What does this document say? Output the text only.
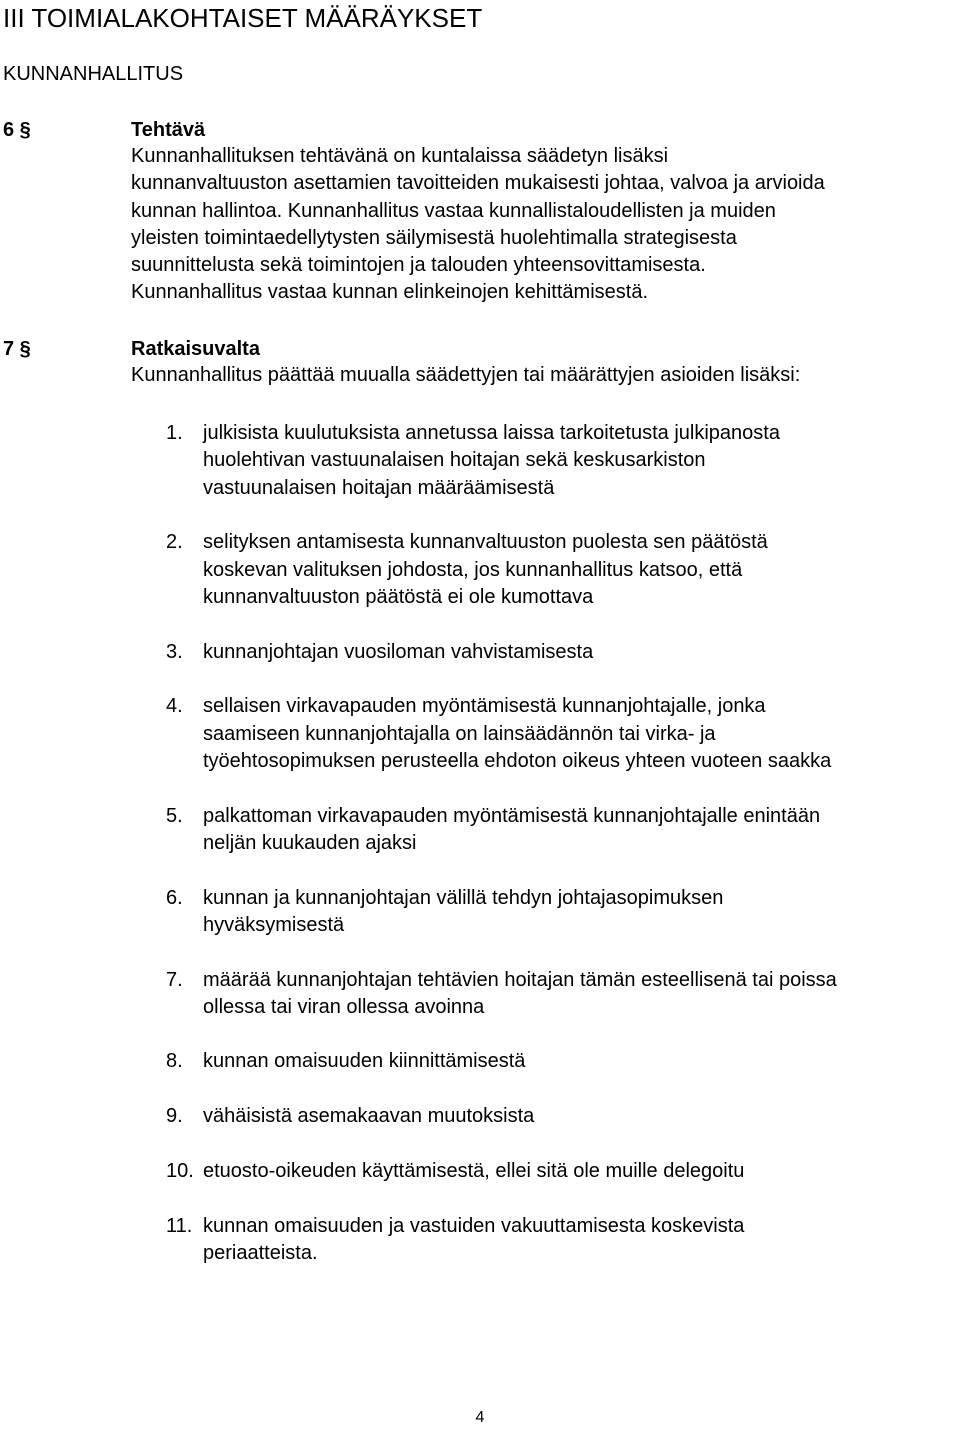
III TOIMIALAKOHTAISET MÄÄRÄYKSET
KUNNANHALLITUS
6 §	Tehtävä

Kunnanhallituksen tehtävänä on kuntalaissa säädetyn lisäksi
kunnanvaltuuston asettamien tavoitteiden mukaisesti johtaa, valvoa ja arvioida
kunnan hallintoa. Kunnanhallitus vastaa kunnallistaloudellisten ja muiden
yleisten toimintaedellytysten säilymisestä huolehtimalla strategisesta
suunnittelusta sekä toimintojen ja talouden yhteensovittamisesta.
Kunnanhallitus vastaa kunnan elinkeinojen kehittämisestä.

7 §	Ratkaisuvalta

Kunnanhallitus päättää muualla säädettyjen tai määrättyjen asioiden lisäksi:

1. julkisista kuulutuksista annetussa laissa tarkoitetusta julkipanosta
huolehtivan vastuunalaisen hoitajan sekä keskusarkiston
vastuunalaisen hoitajan määräämisestä
2. selityksen antamisesta kunnanvaltuuston puolesta sen päätöstä
koskevan valituksen johdosta, jos kunnanhallitus katsoo, että
kunnanvaltuuston päätöstä ei ole kumottava
3. kunnanjohtajan vuosiloman vahvistamisesta
4. sellaisen virkavapauden myöntämisestä kunnanjohtajalle, jonka
saamiseen kunnanjohtajalla on lainsäädännön tai virka- ja
työehtosopimuksen perusteella ehdoton oikeus yhteen vuoteen saakka
5. palkattoman virkavapauden myöntämisestä kunnanjohtajalle enintään
neljän kuukauden ajaksi
6. kunnan ja kunnanjohtajan välillä tehdyn johtajasopimuksen
hyväksymisestä
7. määrää kunnanjohtajan tehtävien hoitajan tämän esteellisenä tai poissa
ollessa tai viran ollessa avoinna
8. kunnan omaisuuden kiinnittämisestä
9. vähäisistä asemakaavan muutoksista
10. etuosto-oikeuden käyttämisestä, ellei sitä ole muille delegoitu
11. kunnan omaisuuden ja vastuiden vakuuttamisesta koskevista
periaatteista.
4
